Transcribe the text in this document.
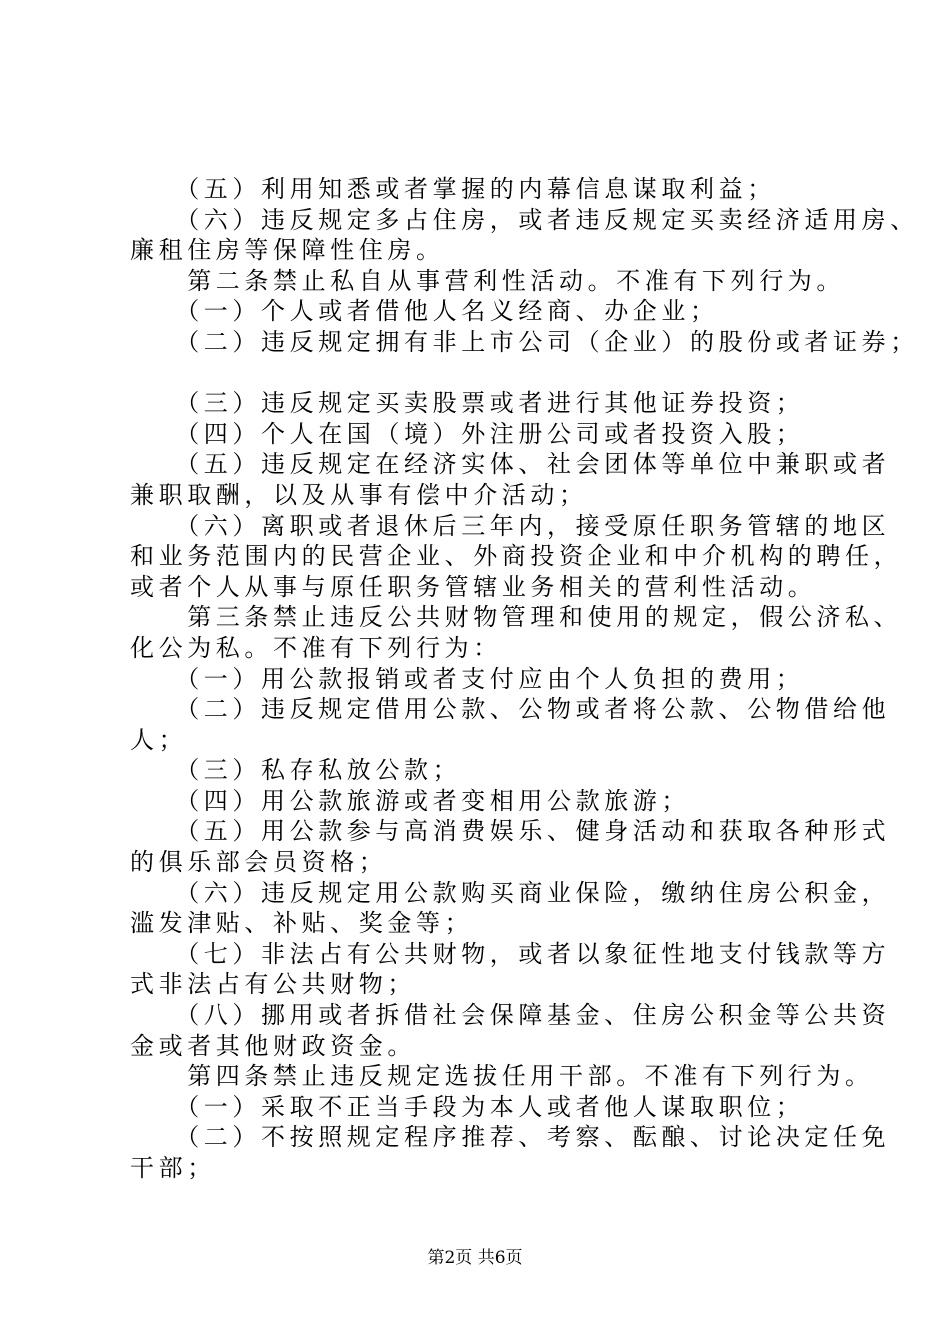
　　（五）利用知悉或者掌握的内幕信息谋取利益；
　　（六）违反规定多占住房，或者违反规定买卖经济适用房、
廉租住房等保障性住房。
　　第二条禁止私自从事营利性活动。不准有下列行为。
　　（一）个人或者借他人名义经商、办企业；
　　（二）违反规定拥有非上市公司（企业）的股份或者证券；
　　（三）违反规定买卖股票或者进行其他证券投资；
　　（四）个人在国（境）外注册公司或者投资入股；
　　（五）违反规定在经济实体、社会团体等单位中兼职或者
兼职取酬，以及从事有偿中介活动；
　　（六）离职或者退休后三年内，接受原任职务管辖的地区
和业务范围内的民营企业、外商投资企业和中介机构的聘任，
或者个人从事与原任职务管辖业务相关的营利性活动。
　　第三条禁止违反公共财物管理和使用的规定，假公济私、
化公为私。不准有下列行为：
　　（一）用公款报销或者支付应由个人负担的费用；
　　（二）违反规定借用公款、公物或者将公款、公物借给他
人；
　　（三）私存私放公款；
　　（四）用公款旅游或者变相用公款旅游；
　　（五）用公款参与高消费娱乐、健身活动和获取各种形式
的俱乐部会员资格；
　　（六）违反规定用公款购买商业保险，缴纳住房公积金，
滥发津贴、补贴、奖金等；
　　（七）非法占有公共财物，或者以象征性地支付钱款等方
式非法占有公共财物；
　　（八）挪用或者拆借社会保障基金、住房公积金等公共资
金或者其他财政资金。
　　第四条禁止违反规定选拔任用干部。不准有下列行为。
　　（一）采取不正当手段为本人或者他人谋取职位；
　　（二）不按照规定程序推荐、考察、酝酿、讨论决定任免
干部；
第2页 共6页
